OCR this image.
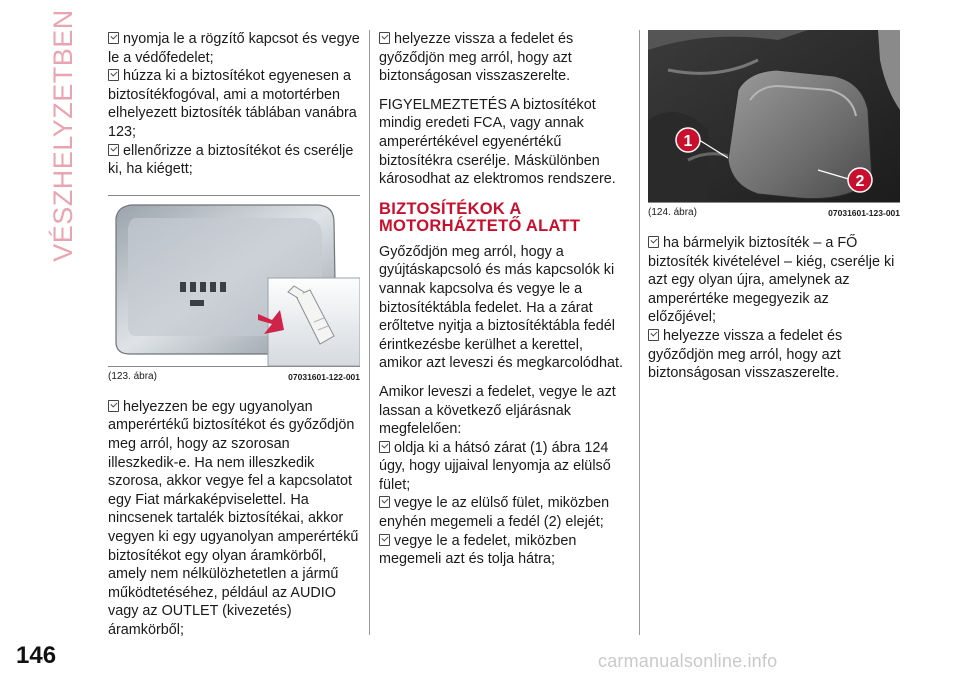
VÉSZHELYZETBEN	nyomja le a rögzítő kapcsot és vegye le a védőfedelet;
húzza ki a biztosítékot egyenesen a biztosítékfogóval, ami a motortérben elhelyezett biztosíték táblában vanábra 123;
ellenőrizze a biztosítékot és cserélje ki, ha kiégett;
(123. ábra)	07031601-122-001
helyezzen be egy ugyanolyan amperértékű biztosítékot és győződjön meg arról, hogy az szorosan illeszkedik-e. Ha nem illeszkedik szorosa, akkor vegye fel a kapcsolatot egy Fiat márkaképviselettel. Ha nincsenek tartalék biztosítékai, akkor vegyen ki egy ugyanolyan amperértékű biztosítékot egy olyan áramkörből, amely nem nélkülözhetetlen a jármű működtetéséhez, például az AUDIO vagy az OUTLET (kivezetés) áramkörből;
helyezze vissza a fedelet és győződjön meg arról, hogy azt biztonságosan visszaszerelte.

FIGYELMEZTETÉS A biztosítékot mindig eredeti FCA, vagy annak amperértékével egyenértékű biztosítékra cserélje. Máskülönben károsodhat az elektromos rendszere.

BIZTOSÍTÉKOK A MOTORHÁZTETŐ ALATT

Győződjön meg arról, hogy a gyújtáskapcsoló és más kapcsolók ki vannak kapcsolva és vegye le a biztosítéktábla fedelet. Ha a zárat erőltetve nyitja a biztosítéktábla fedél érintkezésbe kerülhet a kerettel, amikor azt leveszi és megkarcolódhat.

Amikor leveszi a fedelet, vegye le azt lassan a következő eljárásnak megfelelően:

oldja ki a hátsó zárat (1) ábra 124 úgy, hogy ujjaival lenyomja az elülső fület;
vegye le az elülső fület, miközben enyhén megemeli a fedél (2) elejét;
vegye le a fedelet, miközben megemeli azt és tolja hátra;
1
2
(124. ábra)	07031601-123-001
ha bármelyik biztosíték – a FŐ biztosíték kivételével – kiég, cserélje ki azt egy olyan újra, amelynek az amperértéke megegyezik az előzőjével;
helyezze vissza a fedelet és győződjön meg arról, hogy azt biztonságosan visszaszerelte.
146	carmanualsonline.info
